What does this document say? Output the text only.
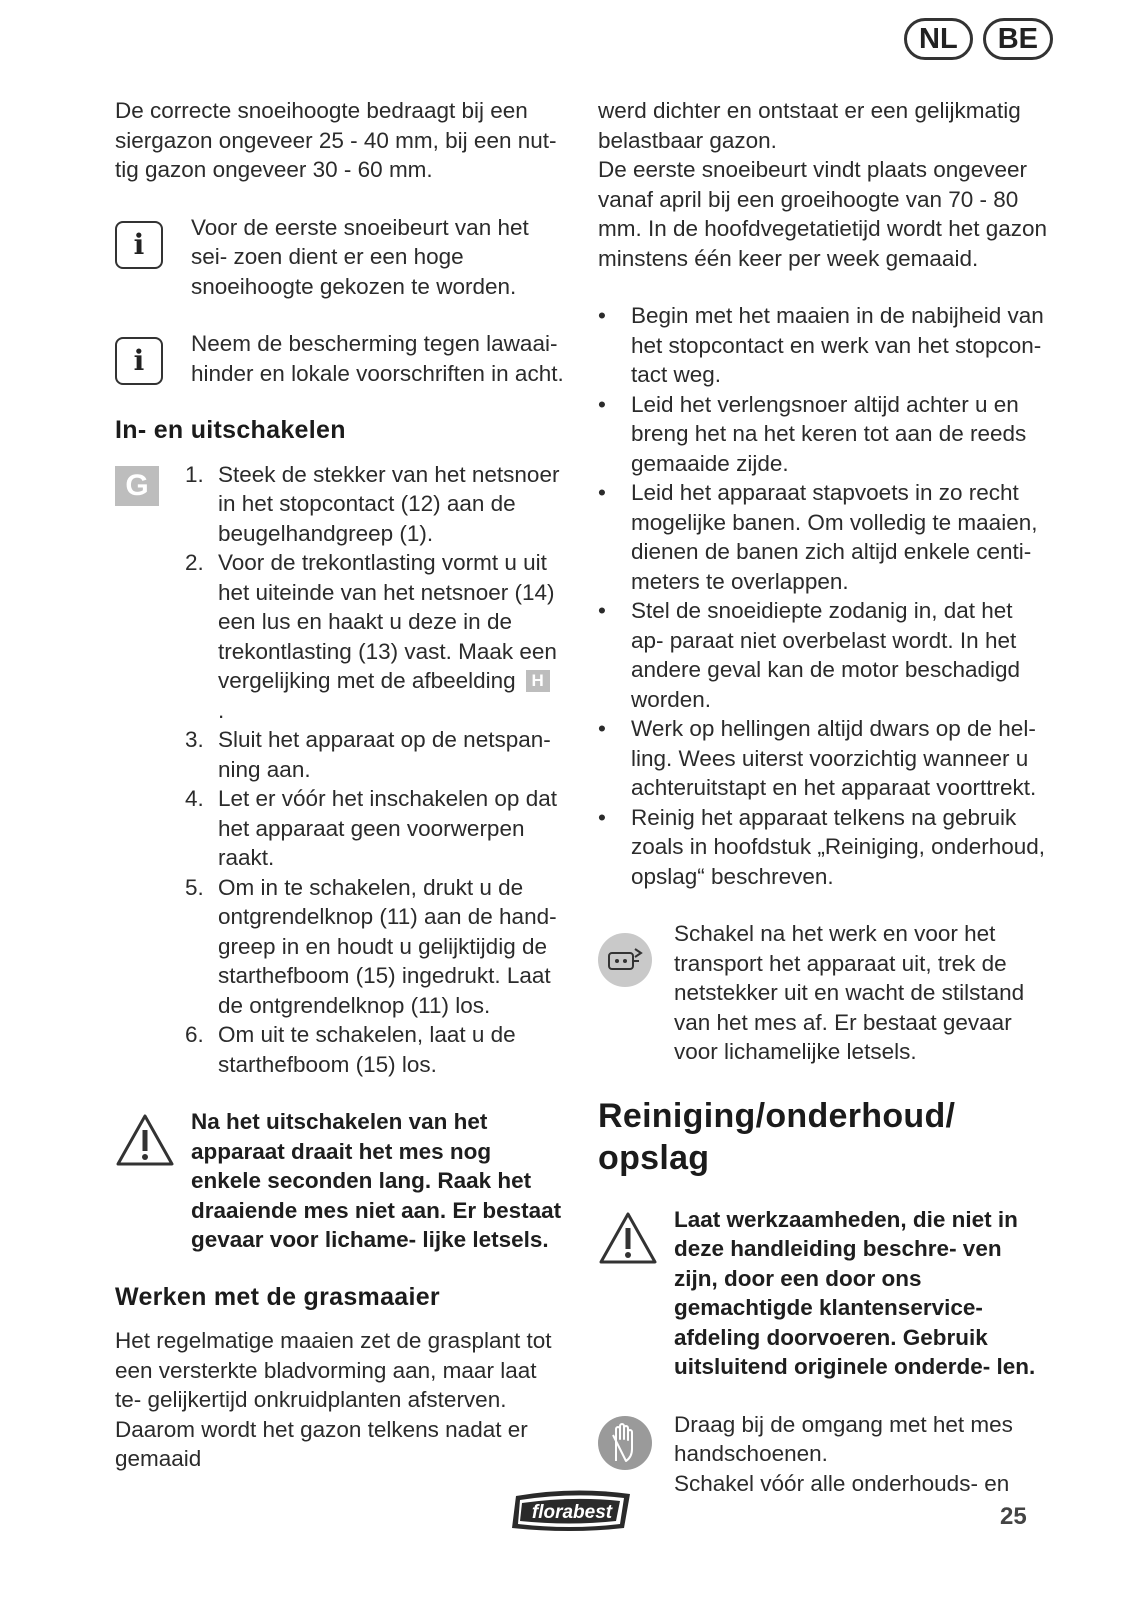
NL	BE

De correcte snoeihoogte bedraagt bij een siergazon ongeveer 25 - 40 mm, bij een nut- tig gazon ongeveer 30 - 60 mm.

i

Voor de eerste snoeibeurt van het sei- zoen dient er een hoge snoeihoogte gekozen te worden.

i

Neem de bescherming tegen lawaai- hinder en lokale voorschriften in acht.

In- en uitschakelen
G	1. Steek de stekker van het netsnoer in het stopcontact (12) aan de beugelhandgreep (1).
2. Voor de trekontlasting vormt u uit het uiteinde van het netsnoer (14) een lus en haakt u deze in de trekontlasting (13) vast. Maak een vergelijking met de afbeelding H
.
3. Sluit het apparaat op de netspan- ning aan.
4. Let er vóór het inschakelen op dat het apparaat geen voorwerpen raakt.
5. Om in te schakelen, drukt u de ontgrendelknop (11) aan de hand- greep in en houdt u gelijktijdig de starthefboom (15) ingedrukt. Laat de ontgrendelknop (11) los.
6. Om uit te schakelen, laat u de starthefboom (15) los.

Na het uitschakelen van het apparaat draait het mes nog enkele seconden lang. Raak het draaiende mes niet aan. Er bestaat gevaar voor lichame- lijke letsels.

Werken met de grasmaaier

Het regelmatige maaien zet de grasplant tot een versterkte bladvorming aan, maar laat te- gelijkertijd onkruidplanten afsterven. Daarom wordt het gazon telkens nadat er gemaaid

werd dichter en ontstaat er een gelijkmatig belastbaar gazon.

De eerste snoeibeurt vindt plaats ongeveer vanaf april bij een groeihoogte van 70 - 80 mm. In de hoofdvegetatietijd wordt het gazon minstens één keer per week gemaaid.

•	Begin met het maaien in de nabijheid van het stopcontact en werk van het stopcon- tact weg.
•	Leid het verlengsnoer altijd achter u en breng het na het keren tot aan de reeds gemaaide zijde.
•	Leid het apparaat stapvoets in zo recht mogelijke banen. Om volledig te maaien, dienen de banen zich altijd enkele centi- meters te overlappen.
•	Stel de snoeidiepte zodanig in, dat het ap- paraat niet overbelast wordt. In het andere geval kan de motor beschadigd worden.
•	Werk op hellingen altijd dwars op de hel- ling. Wees uiterst voorzichtig wanneer u achteruitstapt en het apparaat voorttrekt.
•	Reinig het apparaat telkens na gebruik zoals in hoofdstuk „Reiniging, onderhoud, opslag“ beschreven.

Schakel na het werk en voor het transport het apparaat uit, trek de netstekker uit en wacht de stilstand van het mes af. Er bestaat gevaar voor lichamelijke letsels.

Reiniging/onderhoud/ opslag

Laat werkzaamheden, die niet in deze handleiding beschre- ven zijn, door een door ons gemachtigde klantenservice- afdeling doorvoeren. Gebruik uitsluitend originele onderde- len.

Draag bij de omgang met het mes handschoenen.

Schakel vóór alle onderhouds- en

florabest	25
